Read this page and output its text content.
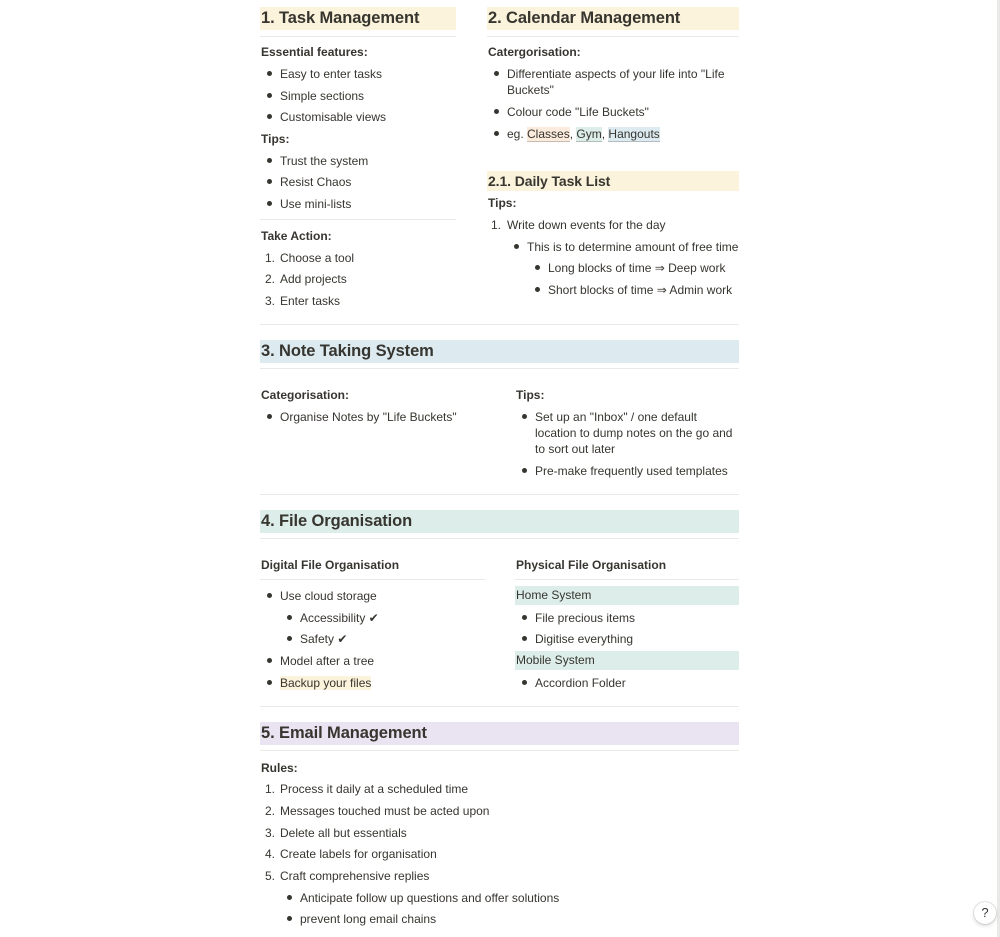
1. Task Management
Essential features:
Easy to enter tasks
Simple sections
Customisable views
Tips:
Trust the system
Resist Chaos
Use mini-lists
Take Action:
1. Choose a tool
2. Add projects
3. Enter tasks
2. Calendar Management
Catergorisation:
Differentiate aspects of your life into "Life Buckets"
Colour code "Life Buckets"
eg. Classes, Gym, Hangouts
2.1. Daily Task List
Tips:
1. Write down events for the day
This is to determine amount of free time
Long blocks of time ⇒ Deep work
Short blocks of time ⇒ Admin work
3. Note Taking System
Categorisation:
Organise Notes by "Life Buckets"
Tips:
Set up an "Inbox" / one default location to dump notes on the go and to sort out later
Pre-make frequently used templates
4. File Organisation
Digital File Organisation
Use cloud storage
Accessibility ✔︎
Safety ✔︎
Model after a tree
Backup your files
Physical File Organisation
Home System
File precious items
Digitise everything
Mobile System
Accordion Folder
5. Email Management
Rules:
1. Process it daily at a scheduled time
2. Messages touched must be acted upon
3. Delete all but essentials
4. Create labels for organisation
5. Craft comprehensive replies
Anticipate follow up questions and offer solutions
prevent long email chains	?
